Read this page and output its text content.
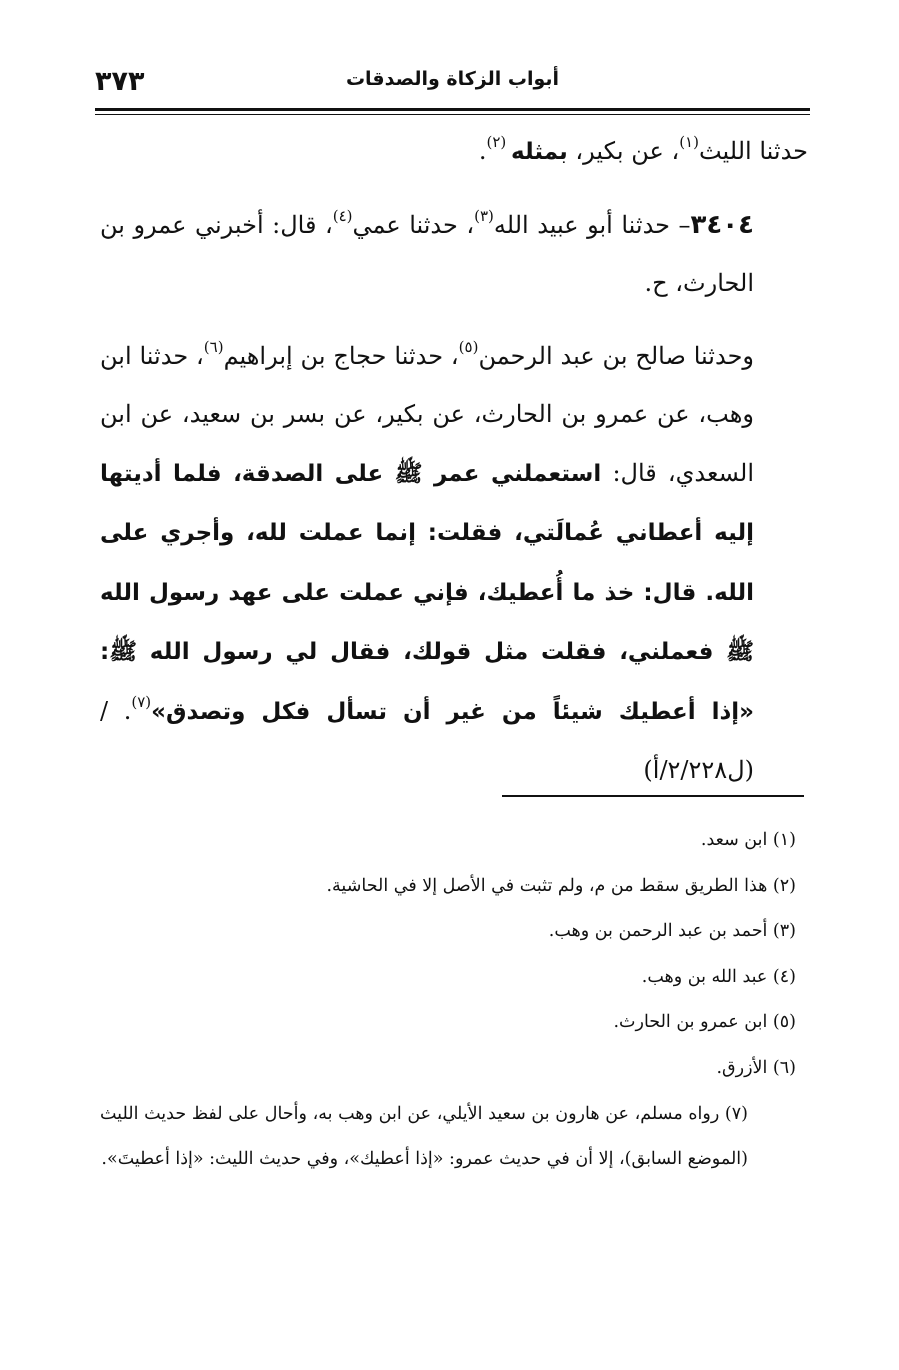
٣٧٣	أبواب الزكاة والصدقات

حدثنا الليث$^{(١)}$، عن بكير، بمثله $^{(٢)}$.

٣٤٠٤– حدثنا أبو عبيد الله$^{(٣)}$، حدثنا عمي$^{(٤)}$، قال: أخبرني عمرو بن الحارث، ح.

وحدثنا صالح بن عبد الرحمن$^{(٥)}$، حدثنا حجاج بن إبراهيم$^{(٦)}$، حدثنا ابن وهب، عن عمرو بن الحارث، عن بكير، عن بسر بن سعيد، عن ابن السعدي، قال: استعملني عمر ﷺ على الصدقة، فلما أديتها إليه أعطاني عُمالَتي، فقلت: إنما عملت لله، وأجري على الله. قال: خذ ما أُعطيك، فإني عملت على عهد رسول الله ﷺ فعملني، فقلت مثل قولك، فقال لي رسول الله ﷺ: «إذا أعطيك شيئاً من غير أن تسأل فكل وتصدق»$^{(٧)}$. / (ل٢/٢٢٨/أ)

(١) ابن سعد.
(٢) هذا الطريق سقط من م، ولم تثبت في الأصل إلا في الحاشية.
(٣) أحمد بن عبد الرحمن بن وهب.
(٤) عبد الله بن وهب.
(٥) ابن عمرو بن الحارث.
(٦) الأزرق.
(٧) رواه مسلم، عن هارون بن سعيد الأيلي، عن ابن وهب به، وأحال على لفظ حديث الليث (الموضع السابق)، إلا أن في حديث عمرو: «إذا أعطيك»، وفي حديث الليث: «إذا أعطيتَ».
